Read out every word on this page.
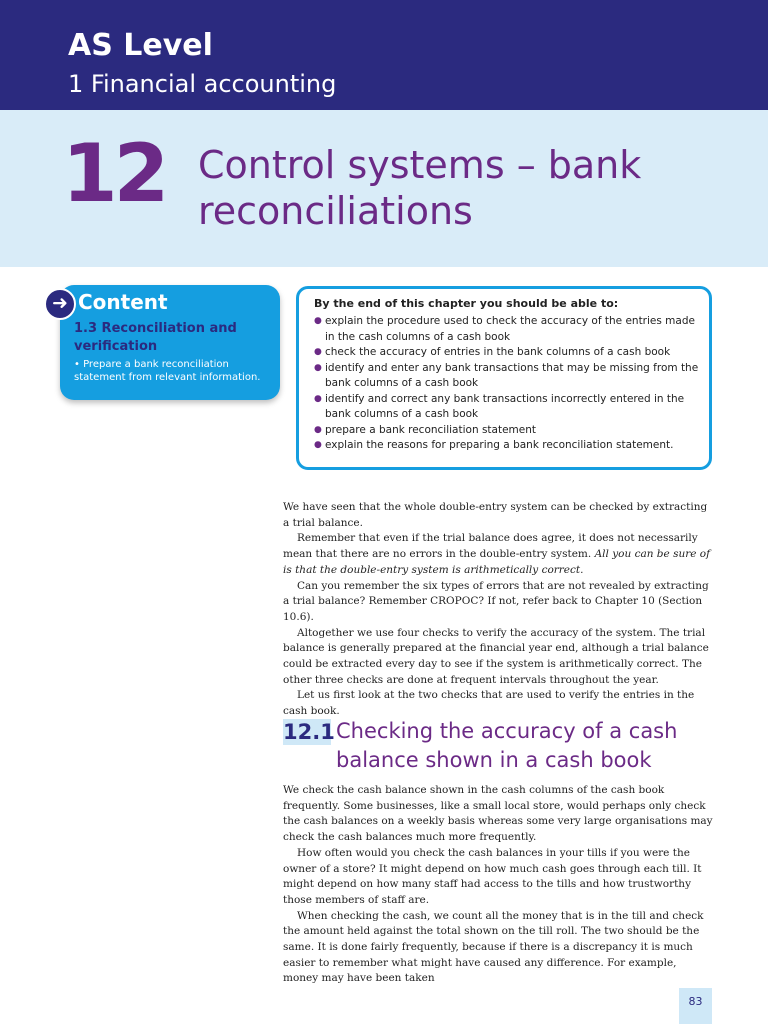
AS Level
1 Financial accounting
12 Control systems – bank
reconciliations
➜ Content
1.3 Reconciliation and
verification
• Prepare a bank reconciliation statement from relevant information.
By the end of this chapter you should be able to:
● explain the procedure used to check the accuracy of the entries made in the cash columns of a cash book
● check the accuracy of entries in the bank columns of a cash book
● identify and enter any bank transactions that may be missing from the bank columns of a cash book
● identify and correct any bank transactions incorrectly entered in the bank columns of a cash book
● prepare a bank reconciliation statement
● explain the reasons for preparing a bank reconciliation statement.

We have seen that the whole double-entry system can be checked by extracting a trial balance.

Remember that even if the trial balance does agree, it does not necessarily mean that there are no errors in the double-entry system. All you can be sure of is that the double-entry system is arithmetically correct.

Can you remember the six types of errors that are not revealed by extracting a trial balance? Remember CROPOC? If not, refer back to Chapter 10 (Section 10.6).

Altogether we use four checks to verify the accuracy of the system. The trial balance is generally prepared at the financial year end, although a trial balance could be extracted every day to see if the system is arithmetically correct. The other three checks are done at frequent intervals throughout the year.

Let us first look at the two checks that are used to verify the entries in the cash book.

12.1 Checking the accuracy of a cash
balance shown in a cash book

We check the cash balance shown in the cash columns of the cash book frequently. Some businesses, like a small local store, would perhaps only check the cash balances on a weekly basis whereas some very large organisations may check the cash balances much more frequently.

How often would you check the cash balances in your tills if you were the owner of a store? It might depend on how much cash goes through each till. It might depend on how many staff had access to the tills and how trustworthy those members of staff are.

When checking the cash, we count all the money that is in the till and check the amount held against the total shown on the till roll. The two should be the same. It is done fairly frequently, because if there is a discrepancy it is much easier to remember what might have caused any difference. For example, money may have been taken

83
